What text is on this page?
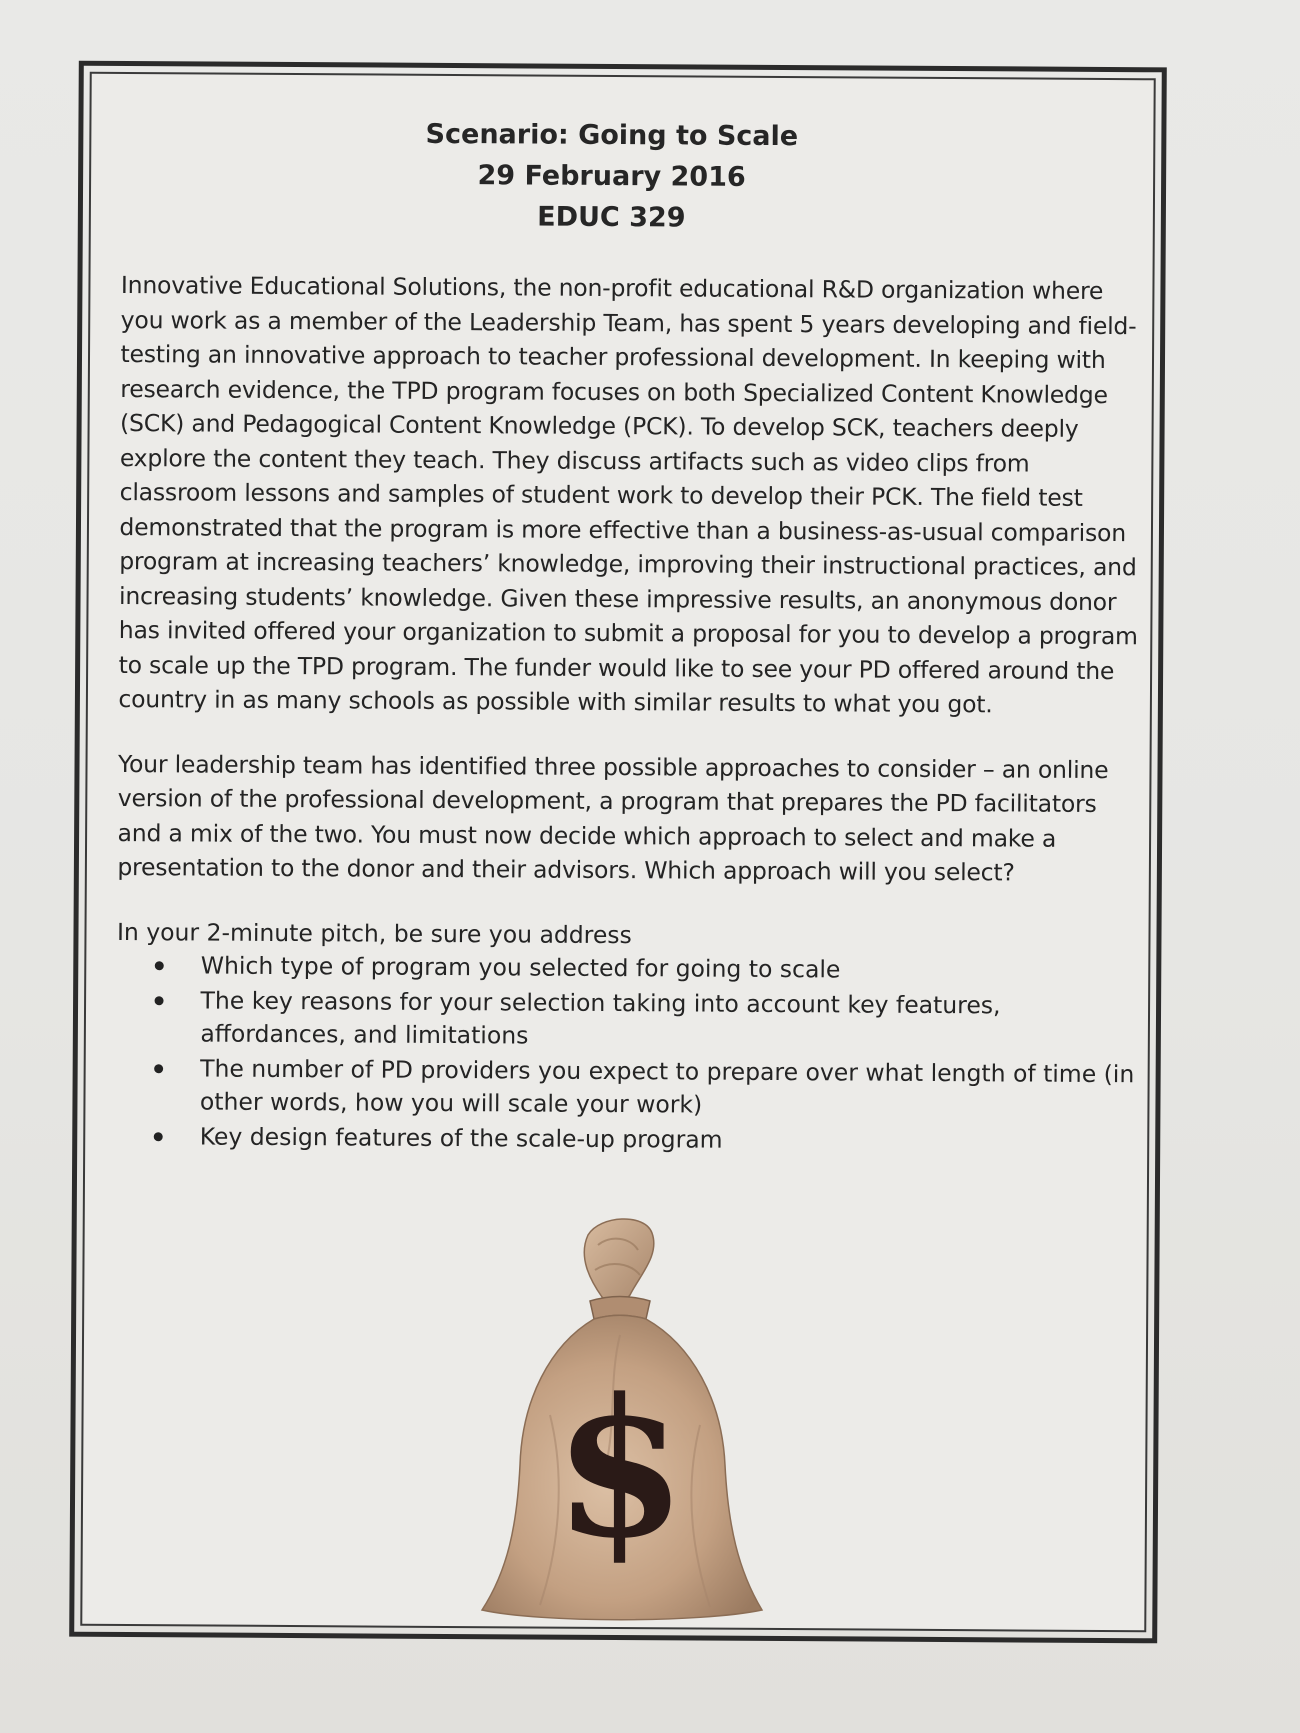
Scenario: Going to Scale
29 February 2016
EDUC 329

Innovative Educational Solutions, the non-profit educational R&D organization where you work as a member of the Leadership Team, has spent 5 years developing and field-testing an innovative approach to teacher professional development. In keeping with research evidence, the TPD program focuses on both Specialized Content Knowledge (SCK) and Pedagogical Content Knowledge (PCK). To develop SCK, teachers deeply explore the content they teach. They discuss artifacts such as video clips from classroom lessons and samples of student work to develop their PCK. The field test demonstrated that the program is more effective than a business-as-usual comparison program at increasing teachers’ knowledge, improving their instructional practices, and increasing students’ knowledge. Given these impressive results, an anonymous donor has invited offered your organization to submit a proposal for you to develop a program to scale up the TPD program. The funder would like to see your PD offered around the country in as many schools as possible with similar results to what you got.

Your leadership team has identified three possible approaches to consider – an online version of the professional development, a program that prepares the PD facilitators and a mix of the two. You must now decide which approach to select and make a presentation to the donor and their advisors. Which approach will you select?

In your 2-minute pitch, be sure you address
Which type of program you selected for going to scale
The key reasons for your selection taking into account key features, affordances, and limitations
The number of PD providers you expect to prepare over what length of time (in other words, how you will scale your work)
Key design features of the scale-up program
$
